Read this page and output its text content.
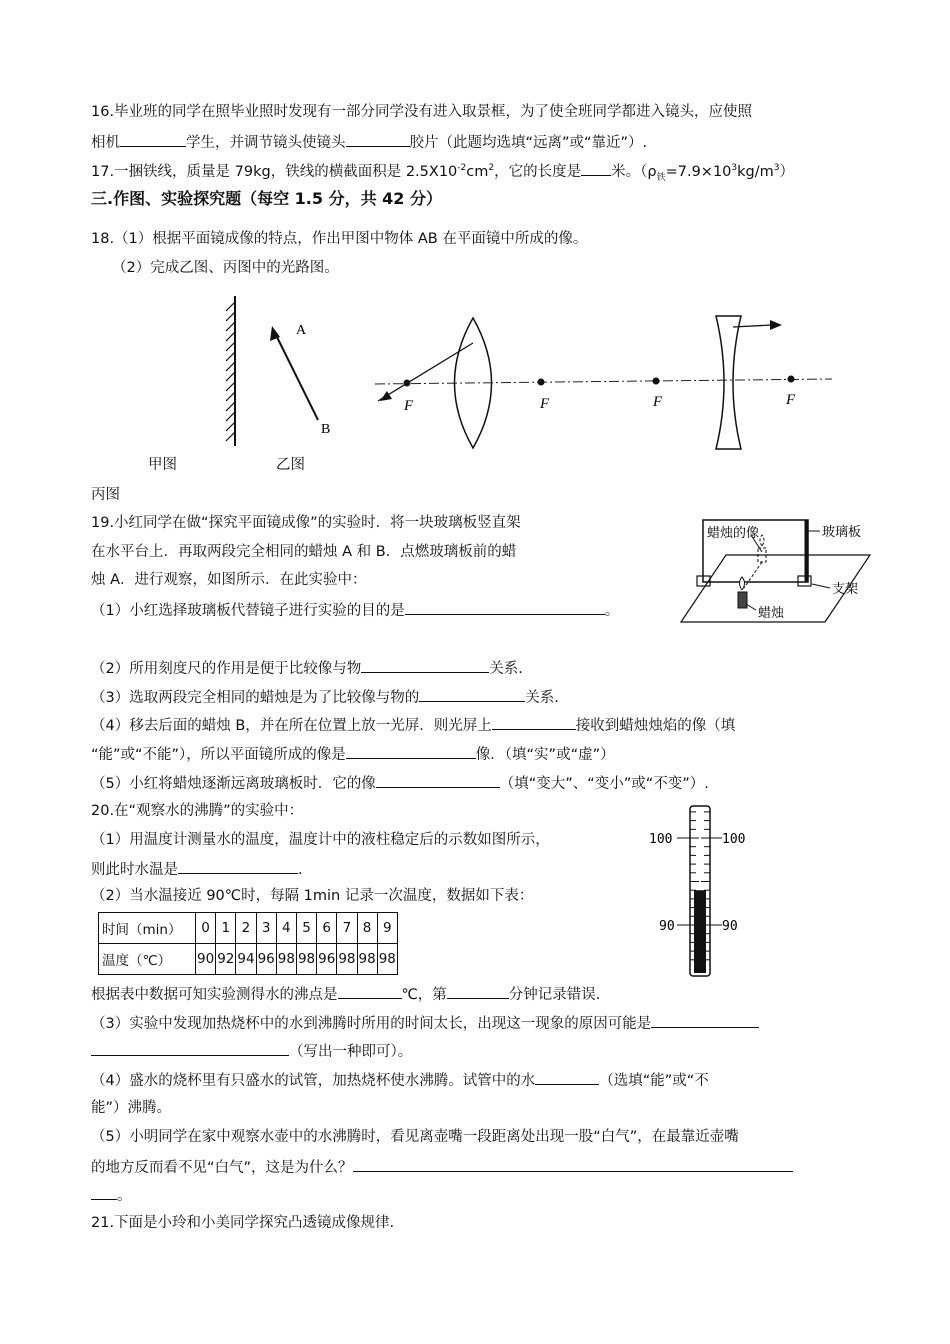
16.毕业班的同学在照毕业照时发现有一部分同学没有进入取景框，为了使全班同学都进入镜头，应使照
相机	学生，并调节镜头使镜头	胶片（此题均选填“远离”或“靠近”）.
17.一捆铁线，质量是 79kg，铁线的横截面积是 $2.5X10^{-2}cm^2$，它的长度是 米。$(\rho_铁=7.9\times 10^3kg/m^3)$
三.作图、实验探究题（每空 1.5 分，共 42 分）
18.（1）根据平面镜成像的特点，作出甲图中物体 AB 在平面镜中所成的像。
（2）完成乙图、丙图中的光路图。
A
B
F	F	F	F
甲图	乙图
丙图
19.小红同学在做“探究平面镜成像”的实验时．将一块玻璃板竖直架
在水平台上．再取两段完全相同的蜡烛 A 和 B．点燃玻璃板前的蜡
烛 A．进行观察，如图所示．在此实验中：
（1）小红选择玻璃板代替镜子进行实验的目的是	。
蜡烛的像	玻璃板
支架
蜡烛
（2）所用刻度尺的作用是便于比较像与物	关系.
（3）选取两段完全相同的蜡烛是为了比较像与物的	关系.
（4）移去后面的蜡烛 B，并在所在位置上放一光屏．则光屏上	接收到蜡烛烛焰的像（填
“能”或“不能”），所以平面镜所成的像是	像．（填“实”或“虚”）
（5）小红将蜡烛逐渐远离玻璃板时．它的像	（填“变大”、“变小”或“不变”）.
20.在“观察水的沸腾”的实验中：
（1）用温度计测量水的温度，温度计中的液柱稳定后的示数如图所示，
则此时水温是	.
（2）当水温接近 90℃时，每隔 1min 记录一次温度，数据如下表：
100	100
90	90
时间（min）	0	1	2	3	4	5	6	7	8	9
温度（℃）	90	92	94	96	98	98	96	98	98	98
根据表中数据可知实验测得水的沸点是	℃，第	分钟记录错误.
（3）实验中发现加热烧杯中的水到沸腾时所用的时间太长，出现这一现象的原因可能是
（写出一种即可）。
（4）盛水的烧杯里有只盛水的试管，加热烧杯使水沸腾。试管中的水	（选填“能”或“不
能”）沸腾。
（5）小明同学在家中观察水壶中的水沸腾时，看见离壶嘴一段距离处出现一股“白气”，在最靠近壶嘴
的地方反而看不见“白气”，这是为什么？
。
21.下面是小玲和小美同学探究凸透镜成像规律.
